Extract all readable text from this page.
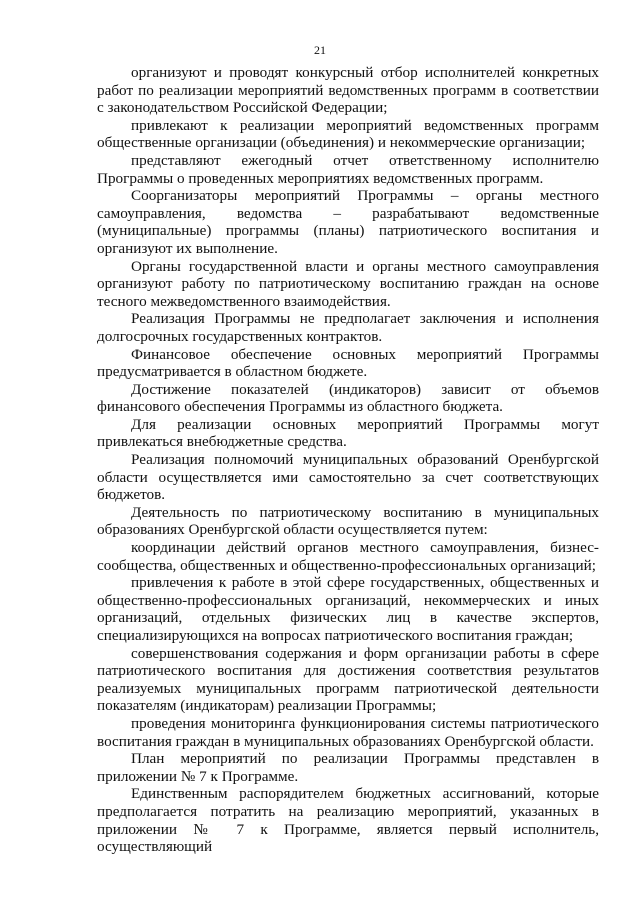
21

организуют и проводят конкурсный отбор исполнителей конкретных работ по реализации мероприятий ведомственных программ в соответствии с законодательством Российской Федерации;

привлекают к реализации мероприятий ведомственных программ общественные организации (объединения) и некоммерческие организации;

представляют ежегодный отчет ответственному исполнителю Программы о проведенных мероприятиях ведомственных программ.

Соорганизаторы мероприятий Программы – органы местного самоуправления, ведомства – разрабатывают ведомственные (муниципальные) программы (планы) патриотического воспитания и организуют их выполнение.

Органы государственной власти и органы местного самоуправления организуют работу по патриотическому воспитанию граждан на основе тесного межведомственного взаимодействия.

Реализация Программы не предполагает заключения и исполнения долгосрочных государственных контрактов.

Финансовое обеспечение основных мероприятий Программы предусматривается в областном бюджете.

Достижение показателей (индикаторов) зависит от объемов финансового обеспечения Программы из областного бюджета.

Для реализации основных мероприятий Программы могут привлекаться внебюджетные средства.

Реализация полномочий муниципальных образований Оренбургской области осуществляется ими самостоятельно за счет соответствующих бюджетов.

Деятельность по патриотическому воспитанию в муниципальных образованиях Оренбургской области осуществляется путем:

координации действий органов местного самоуправления, бизнес-сообщества, общественных и общественно-профессиональных организаций;

привлечения к работе в этой сфере государственных, общественных и общественно-профессиональных организаций, некоммерческих и иных организаций, отдельных физических лиц в качестве экспертов, специализирующихся на вопросах патриотического воспитания граждан;

совершенствования содержания и форм организации работы в сфере патриотического воспитания для достижения соответствия результатов реализуемых муниципальных программ патриотической деятельности показателям (индикаторам) реализации Программы;

проведения мониторинга функционирования системы патриотического воспитания граждан в муниципальных образованиях Оренбургской области.

План мероприятий по реализации Программы представлен в приложении № 7 к Программе.

Единственным распорядителем бюджетных ассигнований, которые предполагается потратить на реализацию мероприятий, указанных в приложении № 7 к Программе, является первый исполнитель, осуществляющий
